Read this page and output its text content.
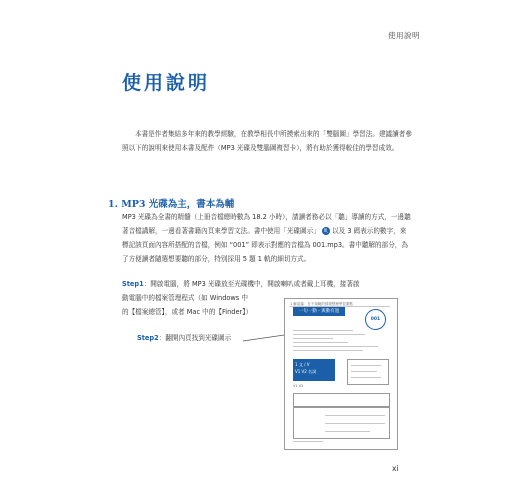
使用說明
使用說明

本書是作者集結多年來的教學經驗，在教學相長中所摸索出來的「雙腦圖」學習法。建議讀者參照以下的說明來使用本書及配件（MP3 光碟及雙腦圖複習卡），將有助於獲得較佳的學習成效。

1. MP3 光碟為主，書本為輔

MP3 光碟為全書的精髓（上冊音檔總時數為 18.2 小時），請讀者務必以「聽」導讀的方式，一邊聽著音檔講解，一邊看著書籍內頁來學習文法。書中使用「光碟圖示」 ♏ 以及 3 碼表示的數字，來標記該頁面內容所搭配的音檔，例如 “001” 即表示對應的音檔為 001.mp3。書中聽解的部分，為了方便讀者隨選想要聽的部分，特別採用 5 題 1 軌的細切方式。

Step1：開啟電腦，將 MP3 光碟放至光碟機中，開啟喇叭或者戴上耳機，接著啟
動電腦中的檔案管理程式（如 Windows 中
的【檔案總管】，或者 Mac 中的【Finder】）
Step2：翻開內頁找到光碟圖示
1 解說篇：在不規範的情境整理學習重點
一句一動 - 與動有過
001
1 文 / V
V1 V2 名詞
V1 V2
xi
